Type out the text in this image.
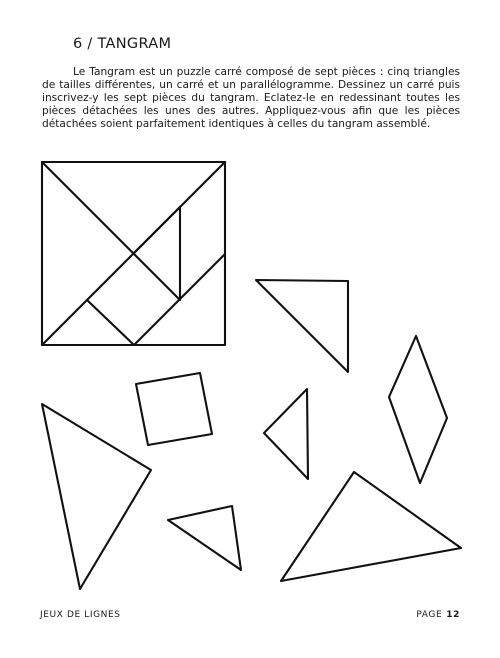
6 / TANGRAM

Le Tangram est un puzzle carré composé de sept pièces : cinq triangles de tailles différentes, un carré et un parallélogramme. Dessinez un carré puis inscrivez-y les sept pièces du tangram. Eclatez-le en redessinant toutes les pièces détachées les unes des autres. Appliquez-vous afin que les pièces détachées soient parfaitement identiques à celles du tangram assemblé.

JEUX DE LIGNES	PAGE 12
